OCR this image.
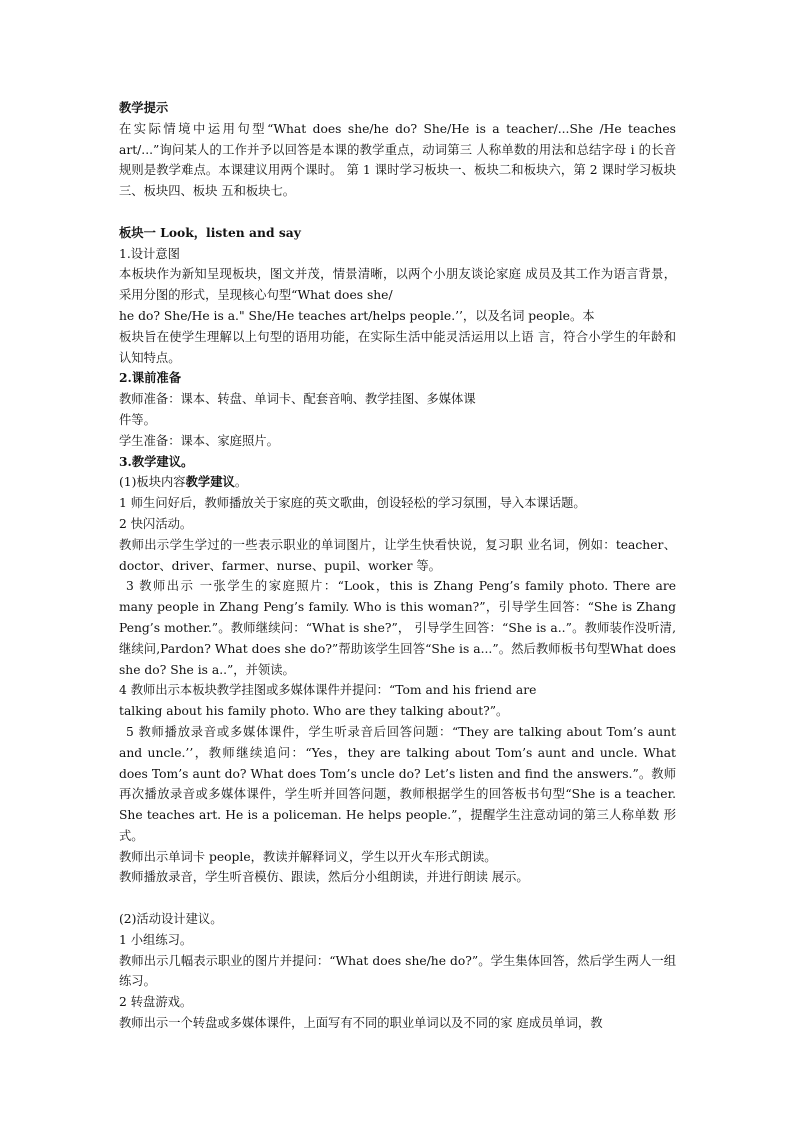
教学提示

在实际情境中运用句型“What does she/he do? She/He is a teacher/...She /He teaches art/...”询问某人的工作并予以回答是本课的教学重点，动词第三 人称单数的用法和总结字母 i 的长音规则是教学难点。本课建议用两个课时。 第 1 课时学习板块一、板块二和板块六，第 2 课时学习板块三、板块四、板块 五和板块七。

板块一 Look，listen and say

1.设计意图

本板块作为新知呈现板块，图文并茂，情景清晰，以两个小朋友谈论家庭 成员及其工作为语言背景，采用分图的形式，呈现核心句型“What does she/

he do? She/He is a." She/He teaches art/helps people.’’，以及名词 people。本

板块旨在使学生理解以上句型的语用功能，在实际生活中能灵活运用以上语 言，符合小学生的年龄和认知特点。

2.课前准备

教师准备：课本、转盘、单词卡、配套音响、教学挂图、多媒体课

件等。

学生准备：课本、家庭照片。

3.教学建议。

(1)板块内容教学建议。

1 师生问好后，教师播放关于家庭的英文歌曲，创设轻松的学习氛围，导入本课话题。

2 快闪活动。

教师出示学生学过的一些表示职业的单词图片，让学生快看快说，复习职 业名词，例如：teacher、doctor、driver、farmer、nurse、pupil、worker 等。

3 教师出示 一张学生的家庭照片：“Look，this is Zhang Peng’s family photo. There are many people in Zhang Peng’s family. Who is this woman?”，引导学生回答：“She is Zhang Peng’s mother.”。教师继续问：“What is she?”， 引导学生回答：“She is a..”。教师装作没听清,继续问,Pardon? What does she do?”帮助该学生回答“She is a...”。然后教师板书句型What does she do? She is a..”，并领读。

4 教师出示本板块教学挂图或多媒体课件并提问：“Tom and his friend are

talking about his family photo. Who are they talking about?”。

5 教师播放录音或多媒体课件，学生听录音后回答问题：“They are talking about Tom’s aunt and uncle.’’，教师继续追问：“Yes，they are talking about Tom’s aunt and uncle. What does Tom’s aunt do? What does Tom’s uncle do? Let’s listen and find the answers.”。教师再次播放录音或多媒体课件，学生听并回答问题，教师根据学生的回答板书句型“She is a teacher. She teaches art. He is a policeman. He helps people.”，提醒学生注意动词的第三人称单数 形式。

教师出示单词卡 people，教读并解释词义，学生以开火车形式朗读。

教师播放录音，学生听音模仿、跟读，然后分小组朗读，并进行朗读 展示。

(2)活动设计建议。

1 小组练习。

教师出示几幅表示职业的图片并提问：“What does she/he do?”。学生集体回答，然后学生两人一组练习。

2 转盘游戏。

教师出示一个转盘或多媒体课件，上面写有不同的职业单词以及不同的家 庭成员单词，教
